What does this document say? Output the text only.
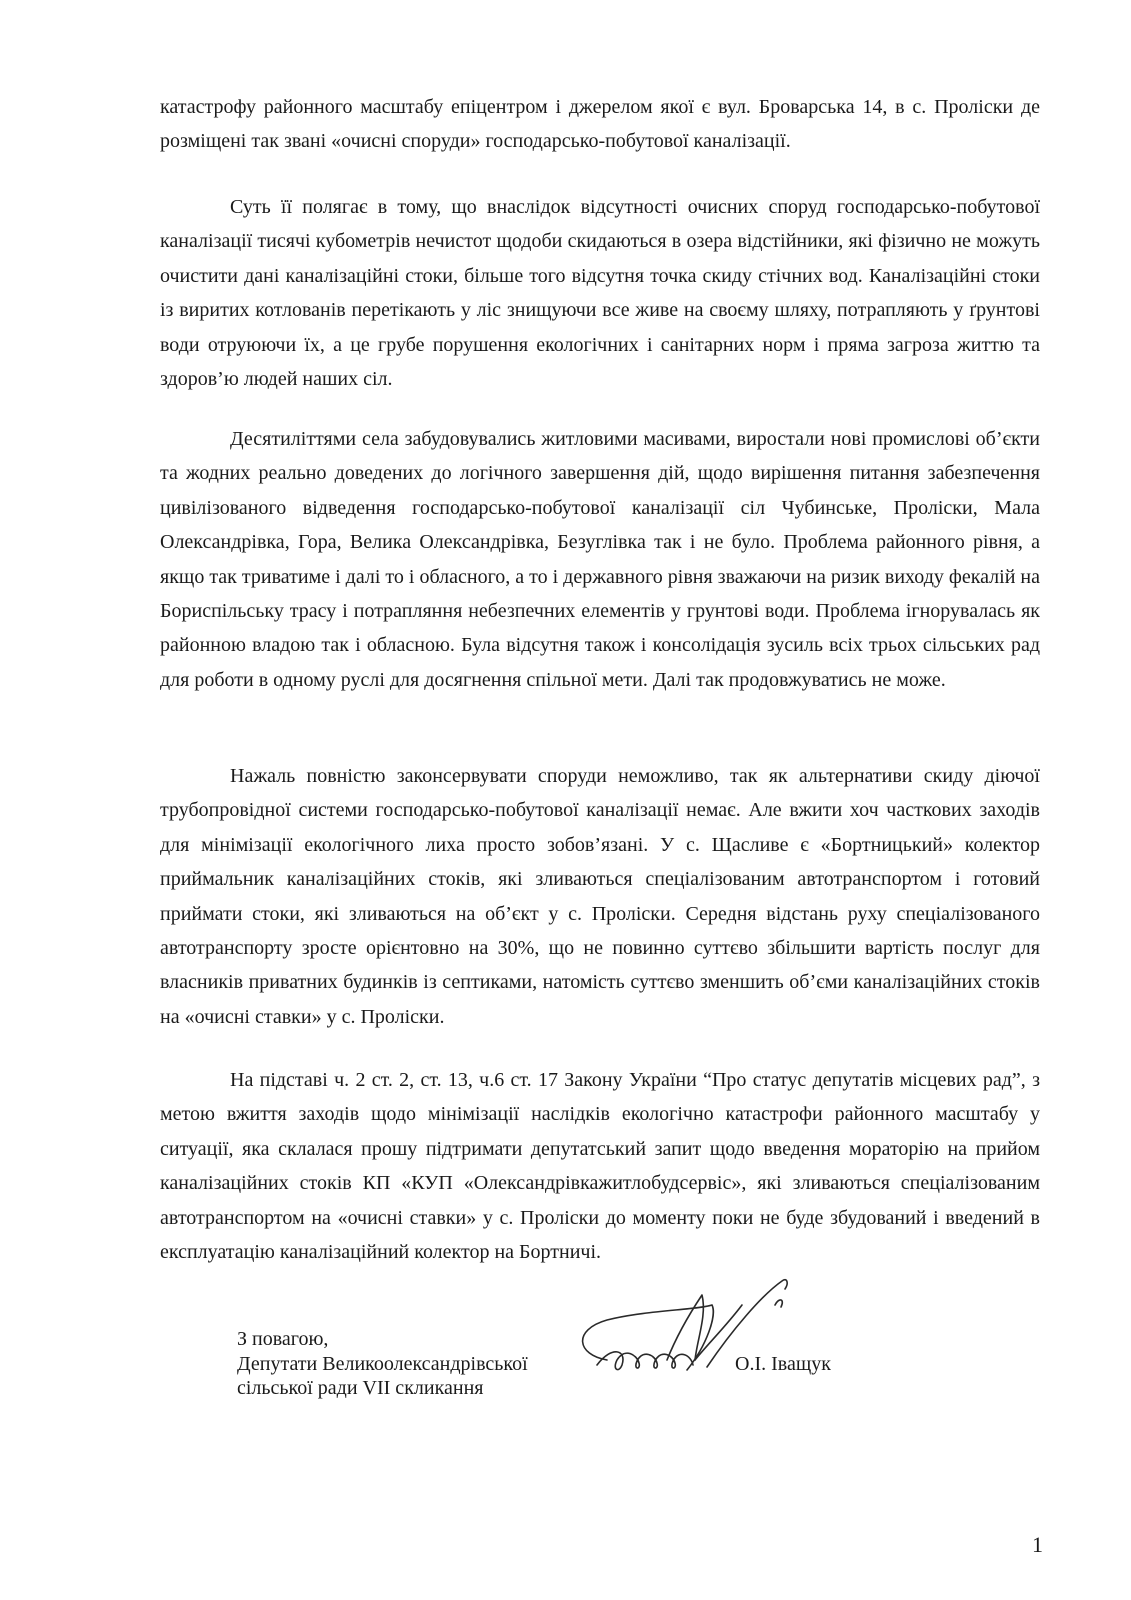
катастрофу районного масштабу епіцентром і джерелом якої є вул. Броварська 14, в с. Пролiски де розміщені так звані «очисні споруди» господарсько-побутової каналізації.

Суть її полягає в тому, що внаслідок відсутності очисних споруд господарсько-побутової каналізації тисячі кубометрів нечистот щодоби скидаються в озера відстійники, які фізично не можуть очистити дані каналізаційні стоки, більше того відсутня точка скиду стічних вод. Каналізаційні стоки із виритих котлованів перетікають у ліс знищуючи все живе на своєму шляху, потрапляють у ґрунтові води отруюючи їх, а це грубе порушення екологічних і санітарних норм і пряма загроза життю та здоров’ю людей наших сіл.

Десятиліттями села забудовувались житловими масивами, виростали нові промислові об’єкти та жодних реально доведених до логічного завершення дій, щодо вирішення питання забезпечення цивілізованого відведення господарсько-побутової каналізації сіл Чубинське, Пролiски, Мала Олександрівка, Гора, Велика Олександрівка, Безуглівка так і не було. Проблема районного рівня, а якщо так триватиме і далі то і обласного, а то і державного рівня зважаючи на ризик виходу фекалій на Бориспільську трасу і потрапляння небезпечних елементів у грунтові води. Проблема ігнорувалась як районною владою так і обласною. Була відсутня також і консолідація зусиль всіх трьох сільських рад для роботи в одному руслі для досягнення спільної мети. Далі так продовжуватись не може.

Нажаль повністю законсервувати споруди неможливо, так як альтернативи скиду діючої трубопровідної системи господарсько-побутової каналізації немає. Але вжити хоч часткових заходів для мінімізації екологічного лиха просто зобов’язані. У с. Щасливе є «Бортницький» колектор приймальник каналізаційних стоків, які зливаються спеціалізованим автотранспортом і готовий приймати стоки, які зливаються на об’єкт у с. Пролiски. Середня відстань руху спеціалізованого автотранспорту зросте орієнтовно на 30%, що не повинно суттєво збільшити вартість послуг для власників приватних будинків із септиками, натомість суттєво зменшить об’єми каналізаційних стоків на «очисні ставки» у с. Пролiски.

На підставі ч. 2 ст. 2, ст. 13, ч.6 ст. 17 Закону України “Про статус депутатів місцевих рад”, з метою вжиття заходів щодо мінімізації наслідків екологічно катастрофи районного масштабу у ситуації, яка склалася прошу підтримати депутатський запит щодо введення мораторію на прийом каналізаційних стоків КП «КУП «Олександрівкажитлобудсервіс», які зливаються спеціалізованим автотранспортом на «очисні ставки» у с. Пролiски до моменту поки не буде збудований і введений в експлуатацію каналізаційний колектор на Бортничі.

З повагою,
Депутати Великоолександрівської
сільської ради VII скликання
О.І. Іващук
1
